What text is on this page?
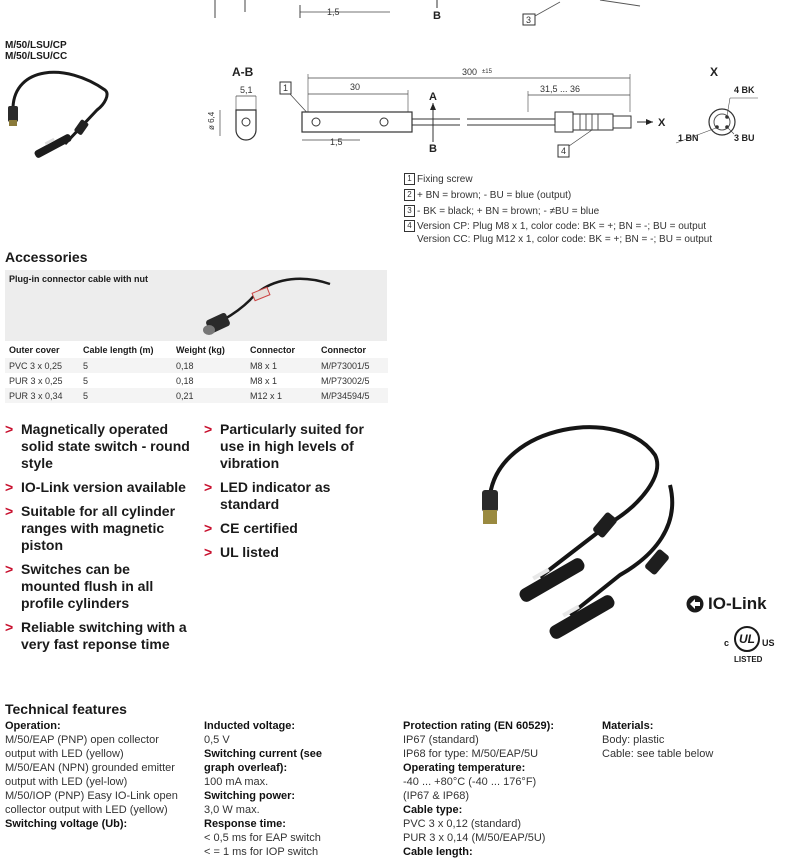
1,5	B	3
M/50/LSU/CP
M/50/LSU/CC
A-B
5,1
ø 6,4
1
300 ±15
30
A
B
1,5
31,5 ... 36
X
4
X
4 BK
1 BN	3 BU
1 Fixing screw
2 + BN = brown; - BU = blue (output)
3 - BK = black; + BN = brown; - ≠BU = blue
4 Version CP: Plug M8 x 1, color code: BK = +; BN = -; BU = output
Version CC: Plug M12 x 1, color code: BK = +; BN = -; BU = output
Accessories
Plug-in connector cable with nut
Outer cover	Cable length (m)	Weight (kg)	Connector	Connector
PVC 3 x 0,25	5	0,18	M8 x 1	M/P73001/5
PUR 3 x 0,25	5	0,18	M8 x 1	M/P73002/5
PUR 3 x 0,34	5	0,21	M12 x 1	M/P34594/5
> Magnetically operated solid state switch - round style
> IO-Link version available
> Suitable for all cylinder ranges with magnetic piston
> Switches can be mounted flush in all profile cylinders
> Reliable switching with a very fast reponse time
> Particularly suited for use in high levels of vibration
> LED indicator as standard
> CE certified
> UL listed
IO-Link
c UL US
LISTED
Technical features
Operation:
M/50/EAP (PNP) open collector output with LED (yellow)
M/50/EAN (NPN) grounded emitter output with LED (yel-low)
M/50/IOP (PNP) Easy IO-Link open collector output with LED (yellow)
Switching voltage (Ub):
Inducted voltage:
0,5 V
Switching current (see graph overleaf):
100 mA max.
Switching power:
3,0 W max.
Response time:
< 0,5 ms for EAP switch
< = 1 ms for IOP switch
Protection rating (EN 60529):
IP67 (standard)
IP68 for type: M/50/EAP/5U
Operating temperature:
-40 ... +80°C (-40 ... 176°F)
(IP67 & IP68)
Cable type:
PVC 3 x 0,12 (standard)
PUR 3 x 0,14 (M/50/EAP/5U)
Cable length:
Materials:
Body: plastic
Cable: see table below
